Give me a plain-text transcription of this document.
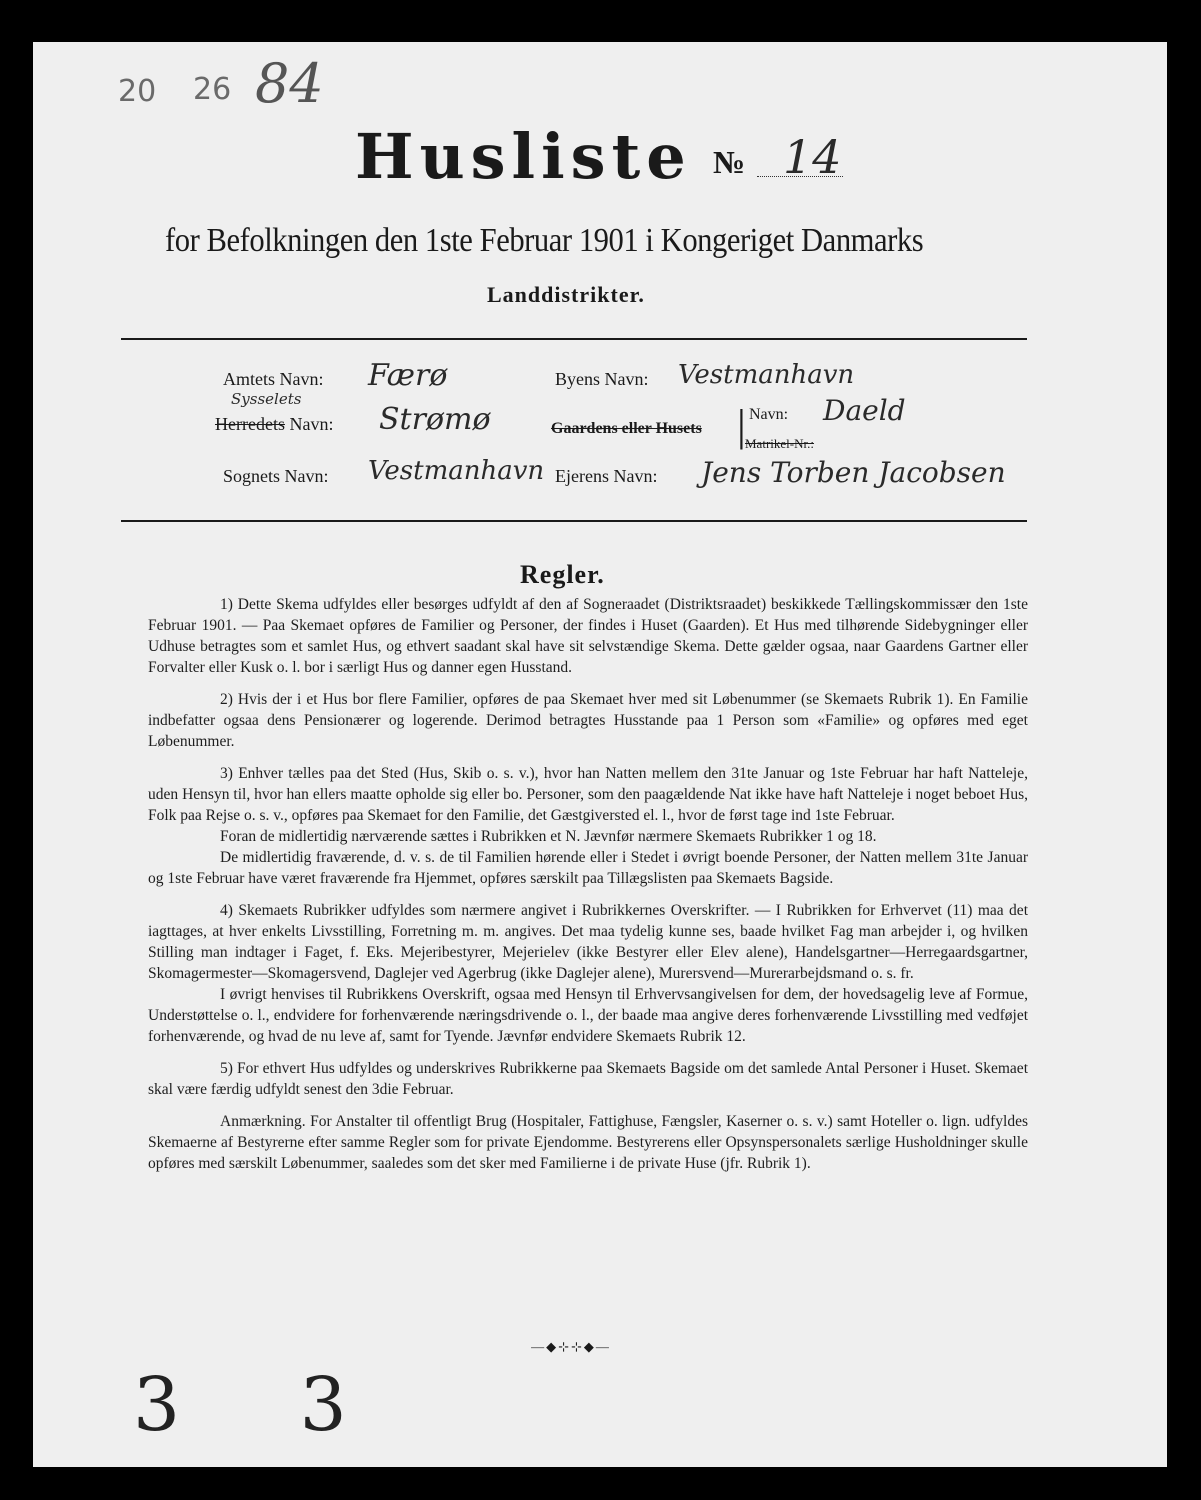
20 26 84
Husliste № 14
for Befolkningen den 1ste Februar 1901 i Kongeriget Danmarks
Landdistrikter.
Amtets Navn: Færø
Sysselets
Herredets Navn: Strømø
Sognets Navn: Vestmanhavn
Byens Navn: Vestmanhavn
Gaardens eller Husets | Navn: Daeld
Matrikel-Nr.:
Ejerens Navn: Jens Torben Jacobsen
Regler.

1) Dette Skema udfyldes eller besørges udfyldt af den af Sogneraadet (Distriktsraadet) beskikkede Tællingskommissær den 1ste Februar 1901. — Paa Skemaet opføres de Familier og Personer, der findes i Huset (Gaarden). Et Hus med tilhørende Sidebygninger eller Udhuse betragtes som et samlet Hus, og ethvert saadant skal have sit selvstændige Skema. Dette gælder ogsaa, naar Gaardens Gartner eller Forvalter eller Kusk o. l. bor i særligt Hus og danner egen Husstand.

2) Hvis der i et Hus bor flere Familier, opføres de paa Skemaet hver med sit Løbenummer (se Skemaets Rubrik 1). En Familie indbefatter ogsaa dens Pensionærer og logerende. Derimod betragtes Husstande paa 1 Person som «Familie» og opføres med eget Løbenummer.

3) Enhver tælles paa det Sted (Hus, Skib o. s. v.), hvor han Natten mellem den 31te Januar og 1ste Februar har haft Natteleje, uden Hensyn til, hvor han ellers maatte opholde sig eller bo. Personer, som den paagældende Nat ikke have haft Natteleje i noget beboet Hus, Folk paa Rejse o. s. v., opføres paa Skemaet for den Familie, det Gæstgiversted el. l., hvor de først tage ind 1ste Februar.

Foran de midlertidig nærværende sættes i Rubrikken et N. Jævnfør nærmere Skemaets Rubrikker 1 og 18.

De midlertidig fraværende, d. v. s. de til Familien hørende eller i Stedet i øvrigt boende Personer, der Natten mellem 31te Januar og 1ste Februar have været fraværende fra Hjemmet, opføres særskilt paa Tillægslisten paa Skemaets Bagside.

4) Skemaets Rubrikker udfyldes som nærmere angivet i Rubrikkernes Overskrifter. — I Rubrikken for Erhvervet (11) maa det iagttages, at hver enkelts Livsstilling, Forretning m. m. angives. Det maa tydelig kunne ses, baade hvilket Fag man arbejder i, og hvilken Stilling man indtager i Faget, f. Eks. Mejeribestyrer, Mejerielev (ikke Bestyrer eller Elev alene), Handelsgartner—Herregaardsgartner, Skomagermester—Skomagersvend, Daglejer ved Agerbrug (ikke Daglejer alene), Murersvend—Murerarbejdsmand o. s. fr.

I øvrigt henvises til Rubrikkens Overskrift, ogsaa med Hensyn til Erhvervsangivelsen for dem, der hovedsagelig leve af Formue, Understøttelse o. l., endvidere for forhenværende næringsdrivende o. l., der baade maa angive deres forhenværende Livsstilling med vedføjet forhenværende, og hvad de nu leve af, samt for Tyende. Jævnfør endvidere Skemaets Rubrik 12.

5) For ethvert Hus udfyldes og underskrives Rubrikkerne paa Skemaets Bagside om det samlede Antal Personer i Huset. Skemaet skal være færdig udfyldt senest den 3die Februar.

Anmærkning. For Anstalter til offentligt Brug (Hospitaler, Fattighuse, Fængsler, Kaserner o. s. v.) samt Hoteller o. lign. udfyldes Skemaerne af Bestyrerne efter samme Regler som for private Ejendomme. Bestyrerens eller Opsynspersonalets særlige Husholdninger skulle opføres med særskilt Løbenummer, saaledes som det sker med Familierne i de private Huse (jfr. Rubrik 1).

—◆⊹⊹◆—
3 3
